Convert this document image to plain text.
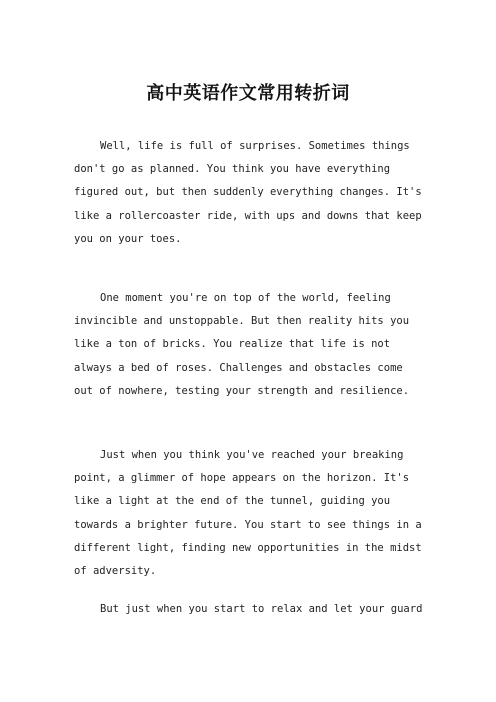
高中英语作文常用转折词

Well, life is full of surprises. Sometimes things don't go as planned. You think you have everything figured out, but then suddenly everything changes. It's like a rollercoaster ride, with ups and downs that keep you on your toes.

One moment you're on top of the world, feeling invincible and unstoppable. But then reality hits you like a ton of bricks. You realize that life is not always a bed of roses. Challenges and obstacles come out of nowhere, testing your strength and resilience.

Just when you think you've reached your breaking point, a glimmer of hope appears on the horizon. It's like a light at the end of the tunnel, guiding you towards a brighter future. You start to see things in a different light, finding new opportunities in the midst of adversity.

But just when you start to relax and let your guard
